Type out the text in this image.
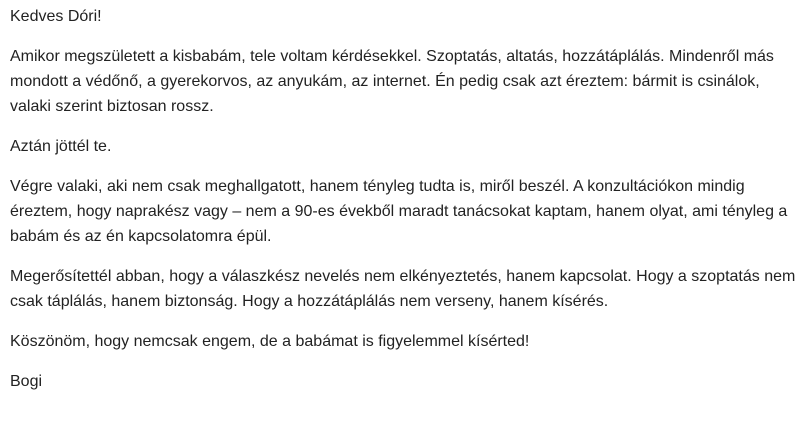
Kedves Dóri!

Amikor megszületett a kisbabám, tele voltam kérdésekkel. Szoptatás, altatás, hozzátáplálás. Mindenről más mondott a védőnő, a gyerekorvos, az anyukám, az internet. Én pedig csak azt éreztem: bármit is csinálok, valaki szerint biztosan rossz.

Aztán jöttél te.

Végre valaki, aki nem csak meghallgatott, hanem tényleg tudta is, miről beszél. A konzultációkon mindig éreztem, hogy naprakész vagy – nem a 90-es évekből maradt tanácsokat kaptam, hanem olyat, ami tényleg a babám és az én kapcsolatomra épül.

Megerősítettél abban, hogy a válaszkész nevelés nem elkényeztetés, hanem kapcsolat. Hogy a szoptatás nem csak táplálás, hanem biztonság. Hogy a hozzátáplálás nem verseny, hanem kísérés.

Köszönöm, hogy nemcsak engem, de a babámat is figyelemmel kísérted!

Bogi
